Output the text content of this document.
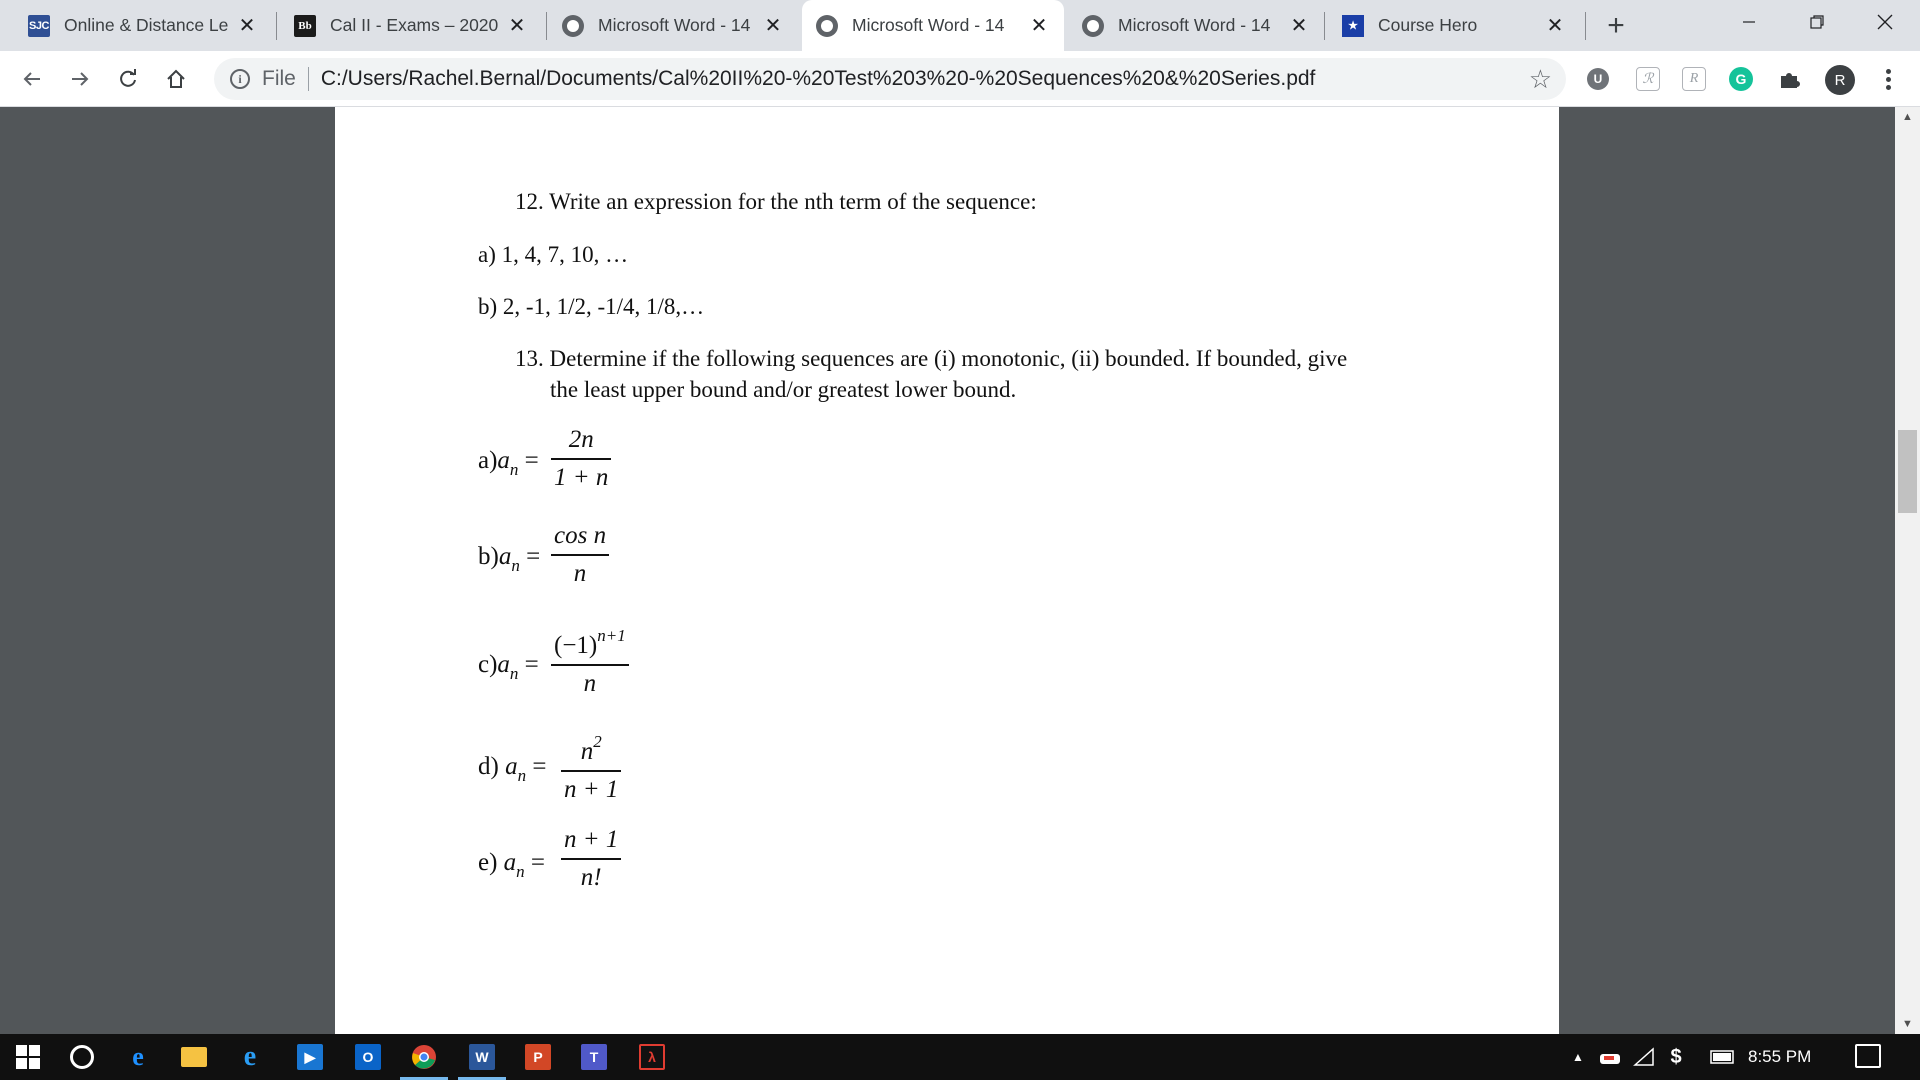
SJC Online & Distance Le ✕	Bb Cal II - Exams – 2020 ✕	Microsoft Word - 14 ✕	Microsoft Word - 14	✕	Microsoft Word - 14	✕	★	Course Hero	✕ +
i File C:/Users/Rachel.Bernal/Documents/Cal%20II%20-%20Test%203%20-%20Sequences%20&%20Series.pdf	☆	U	ℛ	R	G	R
12. Write an expression for the nth term of the sequence:
a) 1, 4, 7, 10, …
b) 2, -1, 1/2, -1/4, 1/8,…
13. Determine if the following sequences are (i) monotonic, (ii) bounded. If bounded, give
the least upper bound and/or greatest lower bound.
$a)a_n$ =
2n
1 + n
$b)a_n$ =
cos n
n
$c)a_n$ =
$(-1)^{n+1}$
n
d) $a_n$ =
$n^2$
n + 1
e) $a_n$ =
n + 1
n!
▲
▼
e	e	▶	O	W	P	T	λ	▲	$	8:55 PM
